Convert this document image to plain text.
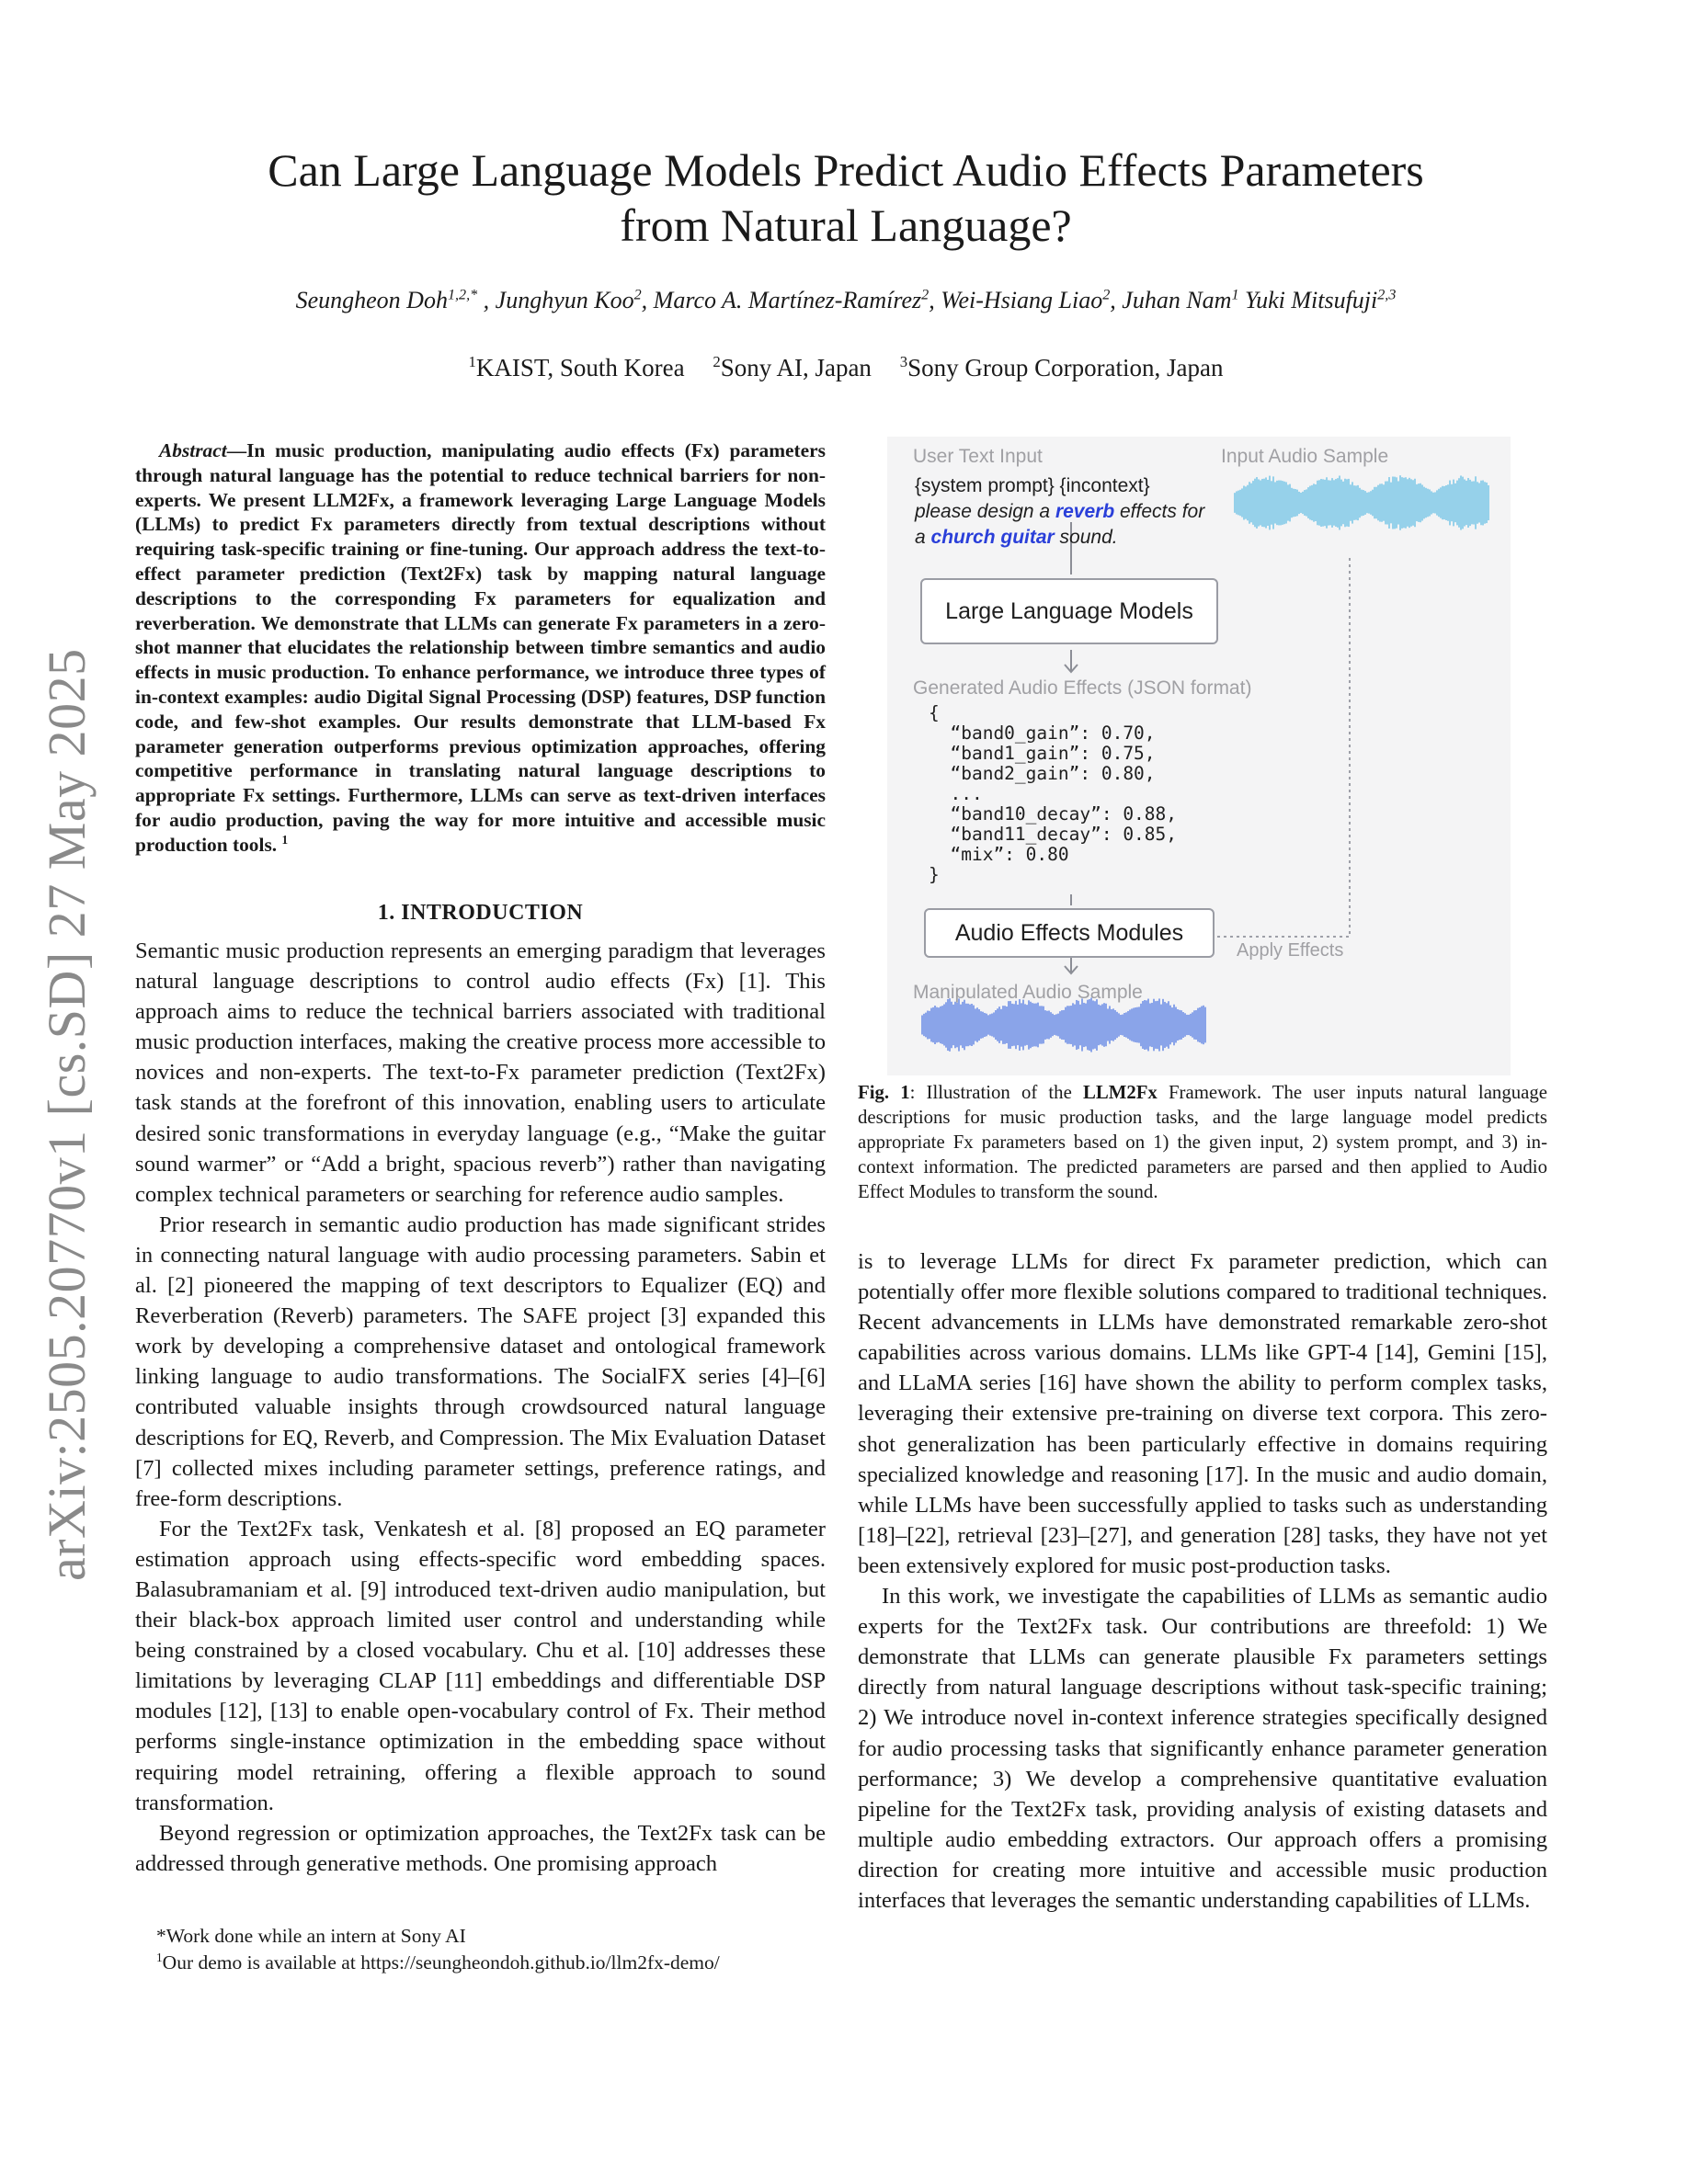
arXiv:2505.20770v1 [cs.SD] 27 May 2025
Can Large Language Models Predict Audio Effects Parameters
from Natural Language?
Seungheon Doh$^{1,2,*}$ , Junghyun Koo$^2$, Marco A. Martínez-Ramírez$^2$, Wei-Hsiang Liao$^2$, Juhan Nam$^1$ Yuki Mitsufuji$^{2,3}$
$^1$KAIST, South Korea $^2$Sony AI, Japan $^3$Sony Group Corporation, Japan
Abstract—In music production, manipulating audio effects (Fx) parameters through natural language has the potential to reduce technical barriers for non-experts. We present LLM2Fx, a framework leveraging Large Language Models (LLMs) to predict Fx parameters directly from textual descriptions without requiring task-specific training or fine-tuning. Our approach address the text-to-effect parameter prediction (Text2Fx) task by mapping natural language descriptions to the corresponding Fx parameters for equalization and reverberation. We demonstrate that LLMs can generate Fx parameters in a zero-shot manner that elucidates the relationship between timbre semantics and audio effects in music production. To enhance performance, we introduce three types of in-context examples: audio Digital Signal Processing (DSP) features, DSP function code, and few-shot examples. Our results demonstrate that LLM-based Fx parameter generation outperforms previous optimization approaches, offering competitive performance in translating natural language descriptions to appropriate Fx settings. Furthermore, LLMs can serve as text-driven interfaces for audio production, paving the way for more intuitive and accessible music production tools. $^1$
1. INTRODUCTION

Semantic music production represents an emerging paradigm that leverages natural language descriptions to control audio effects (Fx) [1]. This approach aims to reduce the technical barriers associated with traditional music production interfaces, making the creative process more accessible to novices and non-experts. The text-to-Fx parameter prediction (Text2Fx) task stands at the forefront of this innovation, enabling users to articulate desired sonic transformations in everyday language (e.g., “Make the guitar sound warmer” or “Add a bright, spacious reverb”) rather than navigating complex technical parameters or searching for reference audio samples.

Prior research in semantic audio production has made significant strides in connecting natural language with audio processing parameters. Sabin et al. [2] pioneered the mapping of text descriptors to Equalizer (EQ) and Reverberation (Reverb) parameters. The SAFE project [3] expanded this work by developing a comprehensive dataset and ontological framework linking language to audio transformations. The SocialFX series [4]–[6] contributed valuable insights through crowdsourced natural language descriptions for EQ, Reverb, and Compression. The Mix Evaluation Dataset [7] collected mixes including parameter settings, preference ratings, and free-form descriptions.

For the Text2Fx task, Venkatesh et al. [8] proposed an EQ parameter estimation approach using effects-specific word embedding spaces. Balasubramaniam et al. [9] introduced text-driven audio manipulation, but their black-box approach limited user control and understanding while being constrained by a closed vocabulary. Chu et al. [10] addresses these limitations by leveraging CLAP [11] embeddings and differentiable DSP modules [12], [13] to enable open-vocabulary control of Fx. Their method performs single-instance optimization in the embedding space without requiring model retraining, offering a flexible approach to sound transformation.

Beyond regression or optimization approaches, the Text2Fx task can be addressed through generative methods. One promising approach

*Work done while an intern at Sony AI
$^1$Our demo is available at https://seungheondoh.github.io/llm2fx-demo/
User Text Input	Input Audio Sample
{system prompt} {incontext}
please design a reverb effects for
a church guitar sound.
Large Language Models
Generated Audio Effects (JSON format)
{
“band0_gain”: 0.70,
“band1_gain”: 0.75,
“band2_gain”: 0.80,
...
“band10_decay”: 0.88,
“band11_decay”: 0.85,
“mix”: 0.80
}
Audio Effects Modules
Apply Effects
Manipulated Audio Sample
Fig. 1: Illustration of the LLM2Fx Framework. The user inputs natural language descriptions for music production tasks, and the large language model predicts appropriate Fx parameters based on 1) the given input, 2) system prompt, and 3) in-context information. The predicted parameters are parsed and then applied to Audio Effect Modules to transform the sound.

is to leverage LLMs for direct Fx parameter prediction, which can potentially offer more flexible solutions compared to traditional techniques. Recent advancements in LLMs have demonstrated remarkable zero-shot capabilities across various domains. LLMs like GPT-4 [14], Gemini [15], and LLaMA series [16] have shown the ability to perform complex tasks, leveraging their extensive pre-training on diverse text corpora. This zero-shot generalization has been particularly effective in domains requiring specialized knowledge and reasoning [17]. In the music and audio domain, while LLMs have been successfully applied to tasks such as understanding [18]–[22], retrieval [23]–[27], and generation [28] tasks, they have not yet been extensively explored for music post-production tasks.

In this work, we investigate the capabilities of LLMs as semantic audio experts for the Text2Fx task. Our contributions are threefold: 1) We demonstrate that LLMs can generate plausible Fx parameters settings directly from natural language descriptions without task-specific training; 2) We introduce novel in-context inference strategies specifically designed for audio processing tasks that significantly enhance parameter generation performance; 3) We develop a comprehensive quantitative evaluation pipeline for the Text2Fx task, providing analysis of existing datasets and multiple audio embedding extractors. Our approach offers a promising direction for creating more intuitive and accessible music production interfaces that leverages the semantic understanding capabilities of LLMs.
